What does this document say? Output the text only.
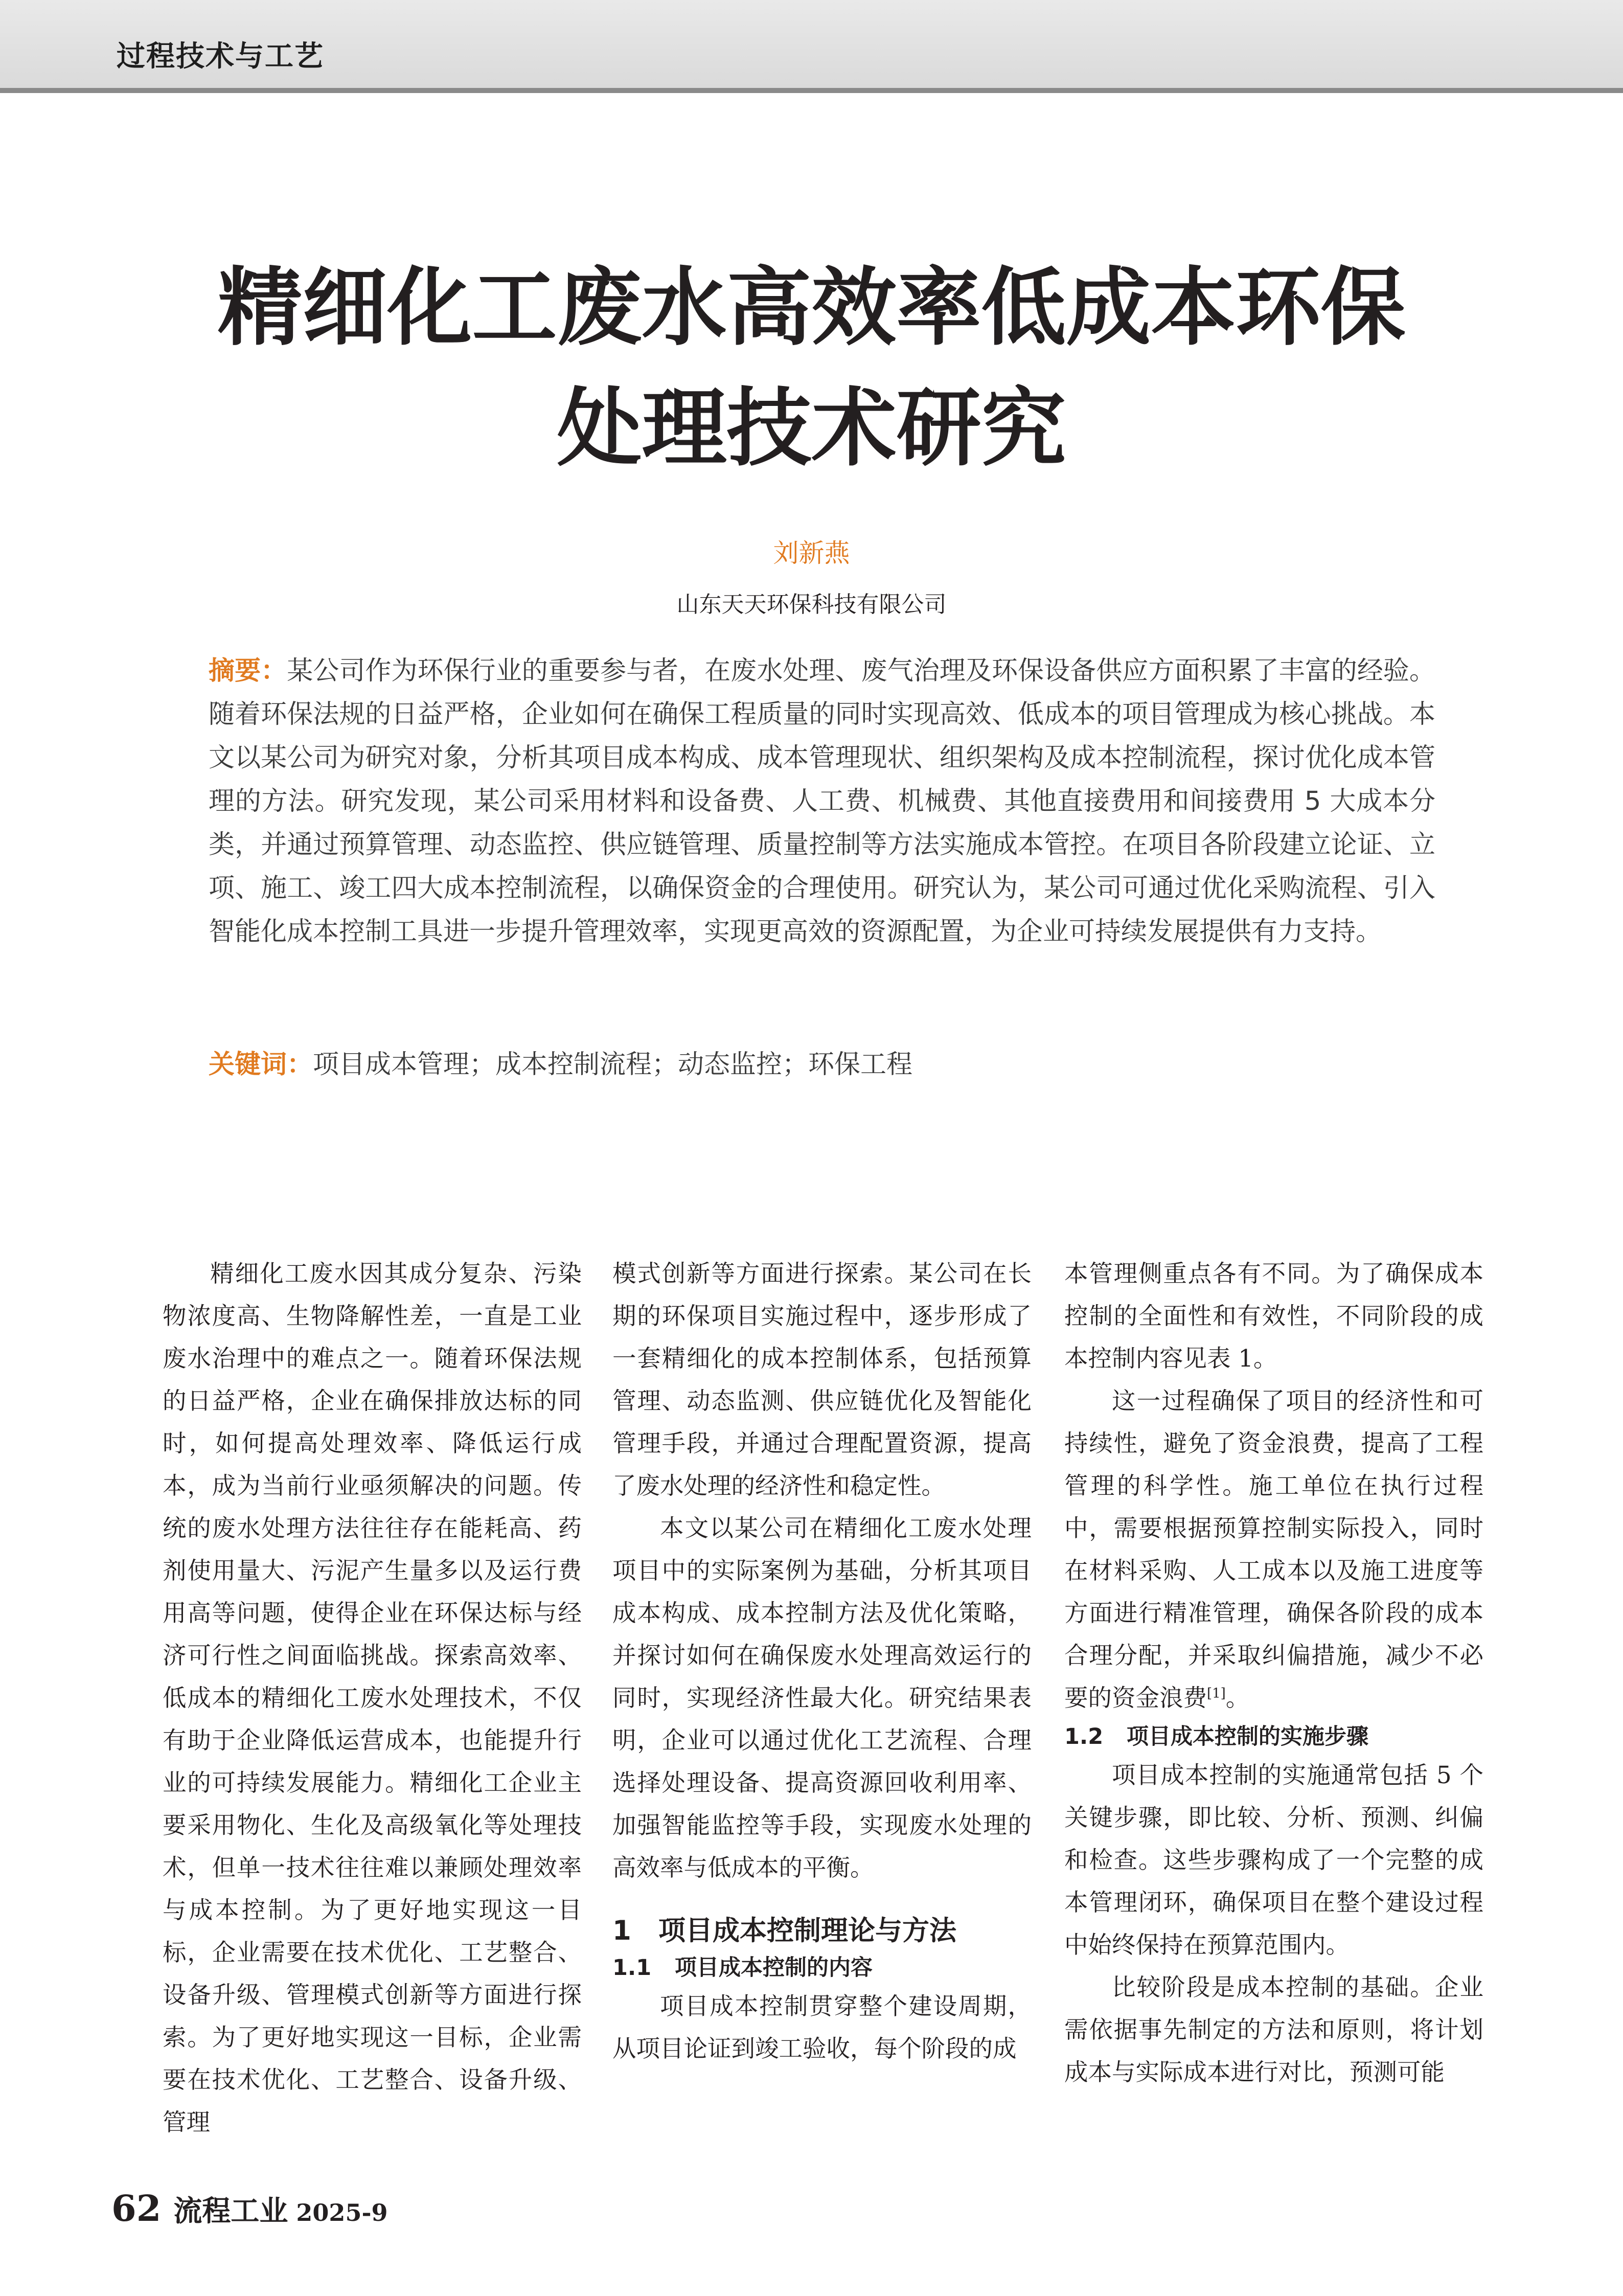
过程技术与工艺
精细化工废水高效率低成本环保
处理技术研究
刘新燕
山东天天环保科技有限公司
摘要：某公司作为环保行业的重要参与者，在废水处理、废气治理及环保设备供应方面积累了丰富的经验。随着环保法规的日益严格，企业如何在确保工程质量的同时实现高效、低成本的项目管理成为核心挑战。本文以某公司为研究对象，分析其项目成本构成、成本管理现状、组织架构及成本控制流程，探讨优化成本管理的方法。研究发现，某公司采用材料和设备费、人工费、机械费、其他直接费用和间接费用 5 大成本分类，并通过预算管理、动态监控、供应链管理、质量控制等方法实施成本管控。在项目各阶段建立论证、立项、施工、竣工四大成本控制流程，以确保资金的合理使用。研究认为，某公司可通过优化采购流程、引入智能化成本控制工具进一步提升管理效率，实现更高效的资源配置，为企业可持续发展提供有力支持。
关键词：项目成本管理；成本控制流程；动态监控；环保工程

精细化工废水因其成分复杂、污染物浓度高、生物降解性差，一直是工业废水治理中的难点之一。随着环保法规的日益严格，企业在确保排放达标的同时，如何提高处理效率、降低运行成本，成为当前行业亟须解决的问题。传统的废水处理方法往往存在能耗高、药剂使用量大、污泥产生量多以及运行费用高等问题，使得企业在环保达标与经济可行性之间面临挑战。探索高效率、低成本的精细化工废水处理技术，不仅有助于企业降低运营成本，也能提升行业的可持续发展能力。精细化工企业主要采用物化、生化及高级氧化等处理技术，但单一技术往往难以兼顾处理效率与成本控制。为了更好地实现这一目标，企业需要在技术优化、工艺整合、设备升级、管理模式创新等方面进行探索。为了更好地实现这一目标，企业需要在技术优化、工艺整合、设备升级、管理

模式创新等方面进行探索。某公司在长期的环保项目实施过程中，逐步形成了一套精细化的成本控制体系，包括预算管理、动态监测、供应链优化及智能化管理手段，并通过合理配置资源，提高了废水处理的经济性和稳定性。

本文以某公司在精细化工废水处理项目中的实际案例为基础，分析其项目成本构成、成本控制方法及优化策略，并探讨如何在确保废水处理高效运行的同时，实现经济性最大化。研究结果表明，企业可以通过优化工艺流程、合理选择处理设备、提高资源回收利用率、加强智能监控等手段，实现废水处理的高效率与低成本的平衡。

1 项目成本控制理论与方法

1.1 项目成本控制的内容

项目成本控制贯穿整个建设周期，从项目论证到竣工验收，每个阶段的成

本管理侧重点各有不同。为了确保成本控制的全面性和有效性，不同阶段的成本控制内容见表 1。

这一过程确保了项目的经济性和可持续性，避免了资金浪费，提高了工程管理的科学性。施工单位在执行过程中，需要根据预算控制实际投入，同时在材料采购、人工成本以及施工进度等方面进行精准管理，确保各阶段的成本合理分配，并采取纠偏措施，减少不必要的资金浪费[1]。

1.2 项目成本控制的实施步骤

项目成本控制的实施通常包括 5 个关键步骤，即比较、分析、预测、纠偏和检查。这些步骤构成了一个完整的成本管理闭环，确保项目在整个建设过程中始终保持在预算范围内。

比较阶段是成本控制的基础。企业需依据事先制定的方法和原则，将计划成本与实际成本进行对比，预测可能

62 流程工业 2025-9
